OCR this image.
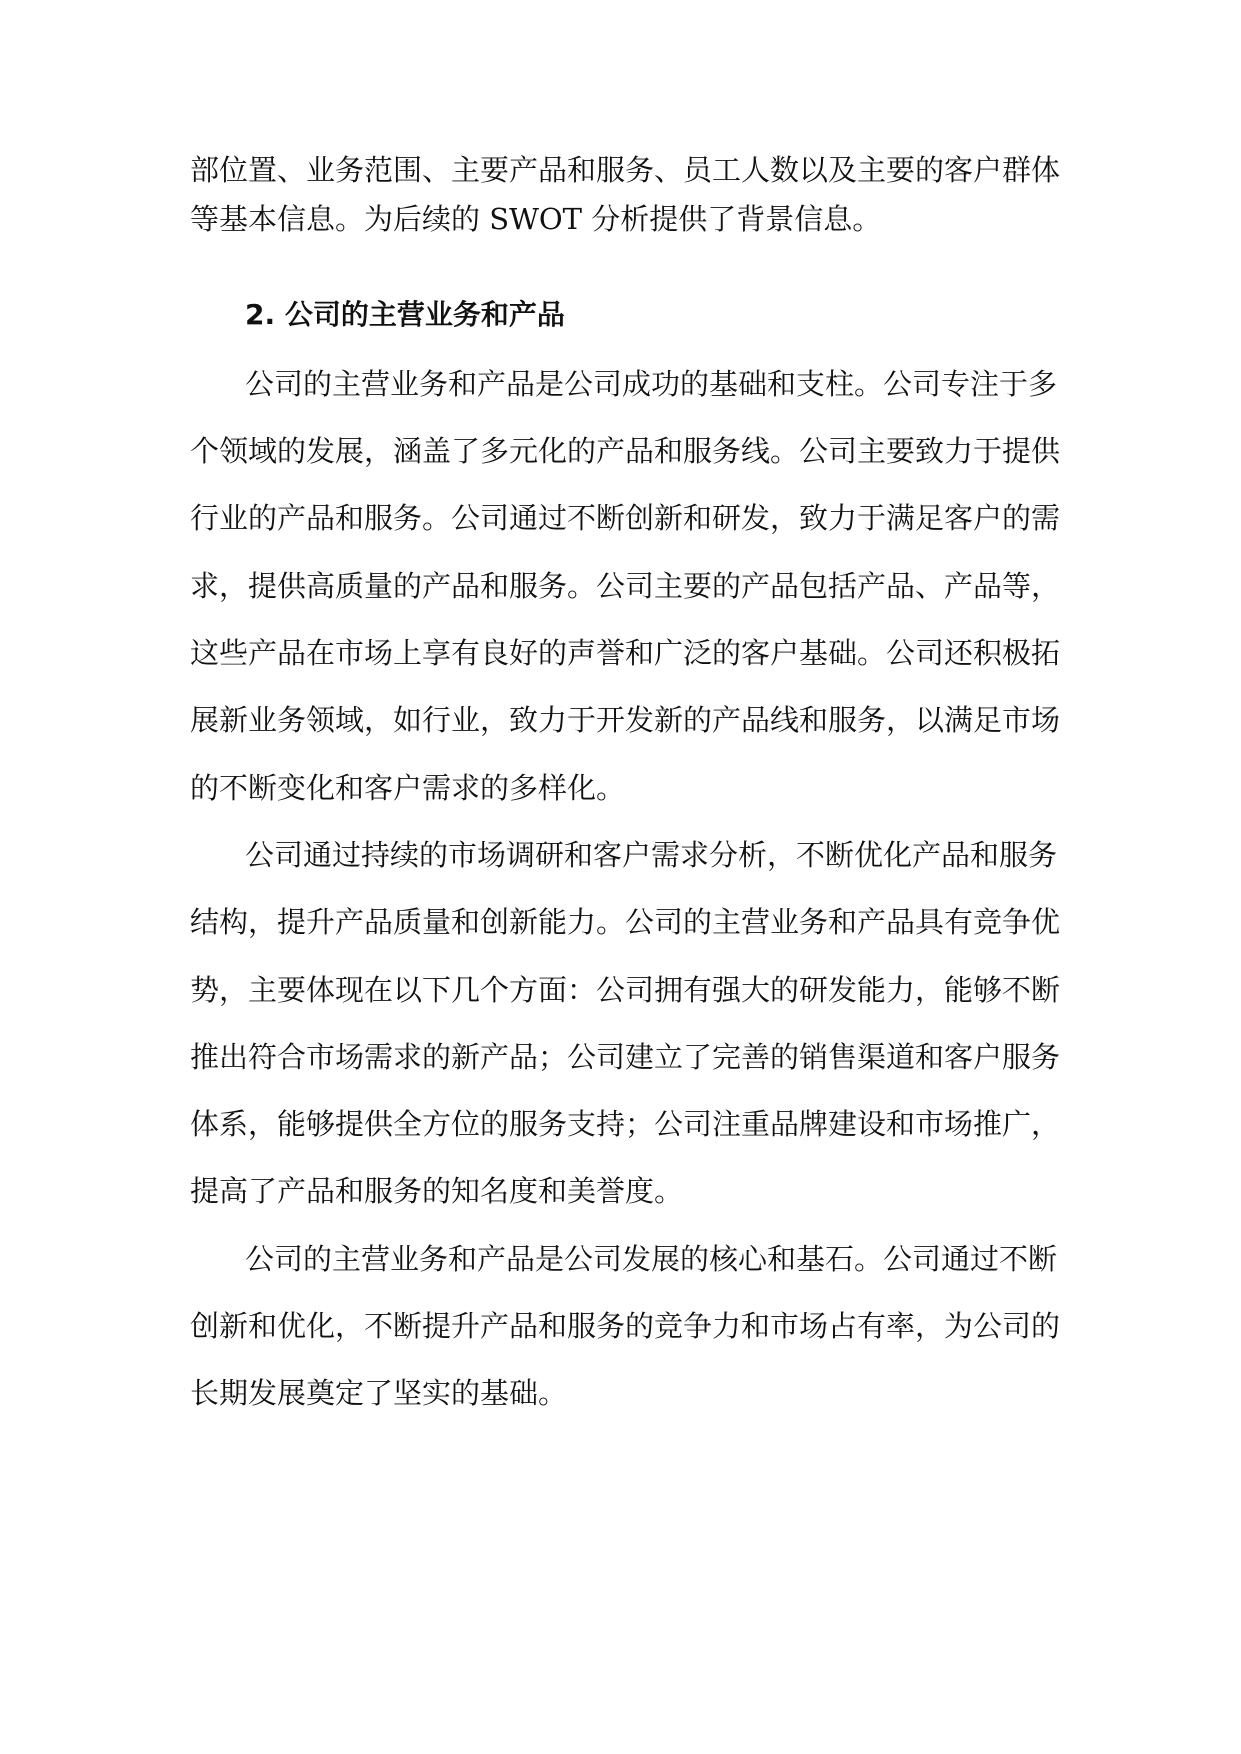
部位置、业务范围、主要产品和服务、员工人数以及主要的客户群体
等基本信息。为后续的 SWOT 分析提供了背景信息。
2. 公司的主营业务和产品
公司的主营业务和产品是公司成功的基础和支柱。公司专注于多
个领域的发展，涵盖了多元化的产品和服务线。公司主要致力于提供
行业的产品和服务。公司通过不断创新和研发，致力于满足客户的需
求，提供高质量的产品和服务。公司主要的产品包括产品、产品等，
这些产品在市场上享有良好的声誉和广泛的客户基础。公司还积极拓
展新业务领域，如行业，致力于开发新的产品线和服务，以满足市场
的不断变化和客户需求的多样化。
公司通过持续的市场调研和客户需求分析，不断优化产品和服务
结构，提升产品质量和创新能力。公司的主营业务和产品具有竞争优
势，主要体现在以下几个方面：公司拥有强大的研发能力，能够不断
推出符合市场需求的新产品；公司建立了完善的销售渠道和客户服务
体系，能够提供全方位的服务支持；公司注重品牌建设和市场推广，
提高了产品和服务的知名度和美誉度。
公司的主营业务和产品是公司发展的核心和基石。公司通过不断
创新和优化，不断提升产品和服务的竞争力和市场占有率，为公司的
长期发展奠定了坚实的基础。
